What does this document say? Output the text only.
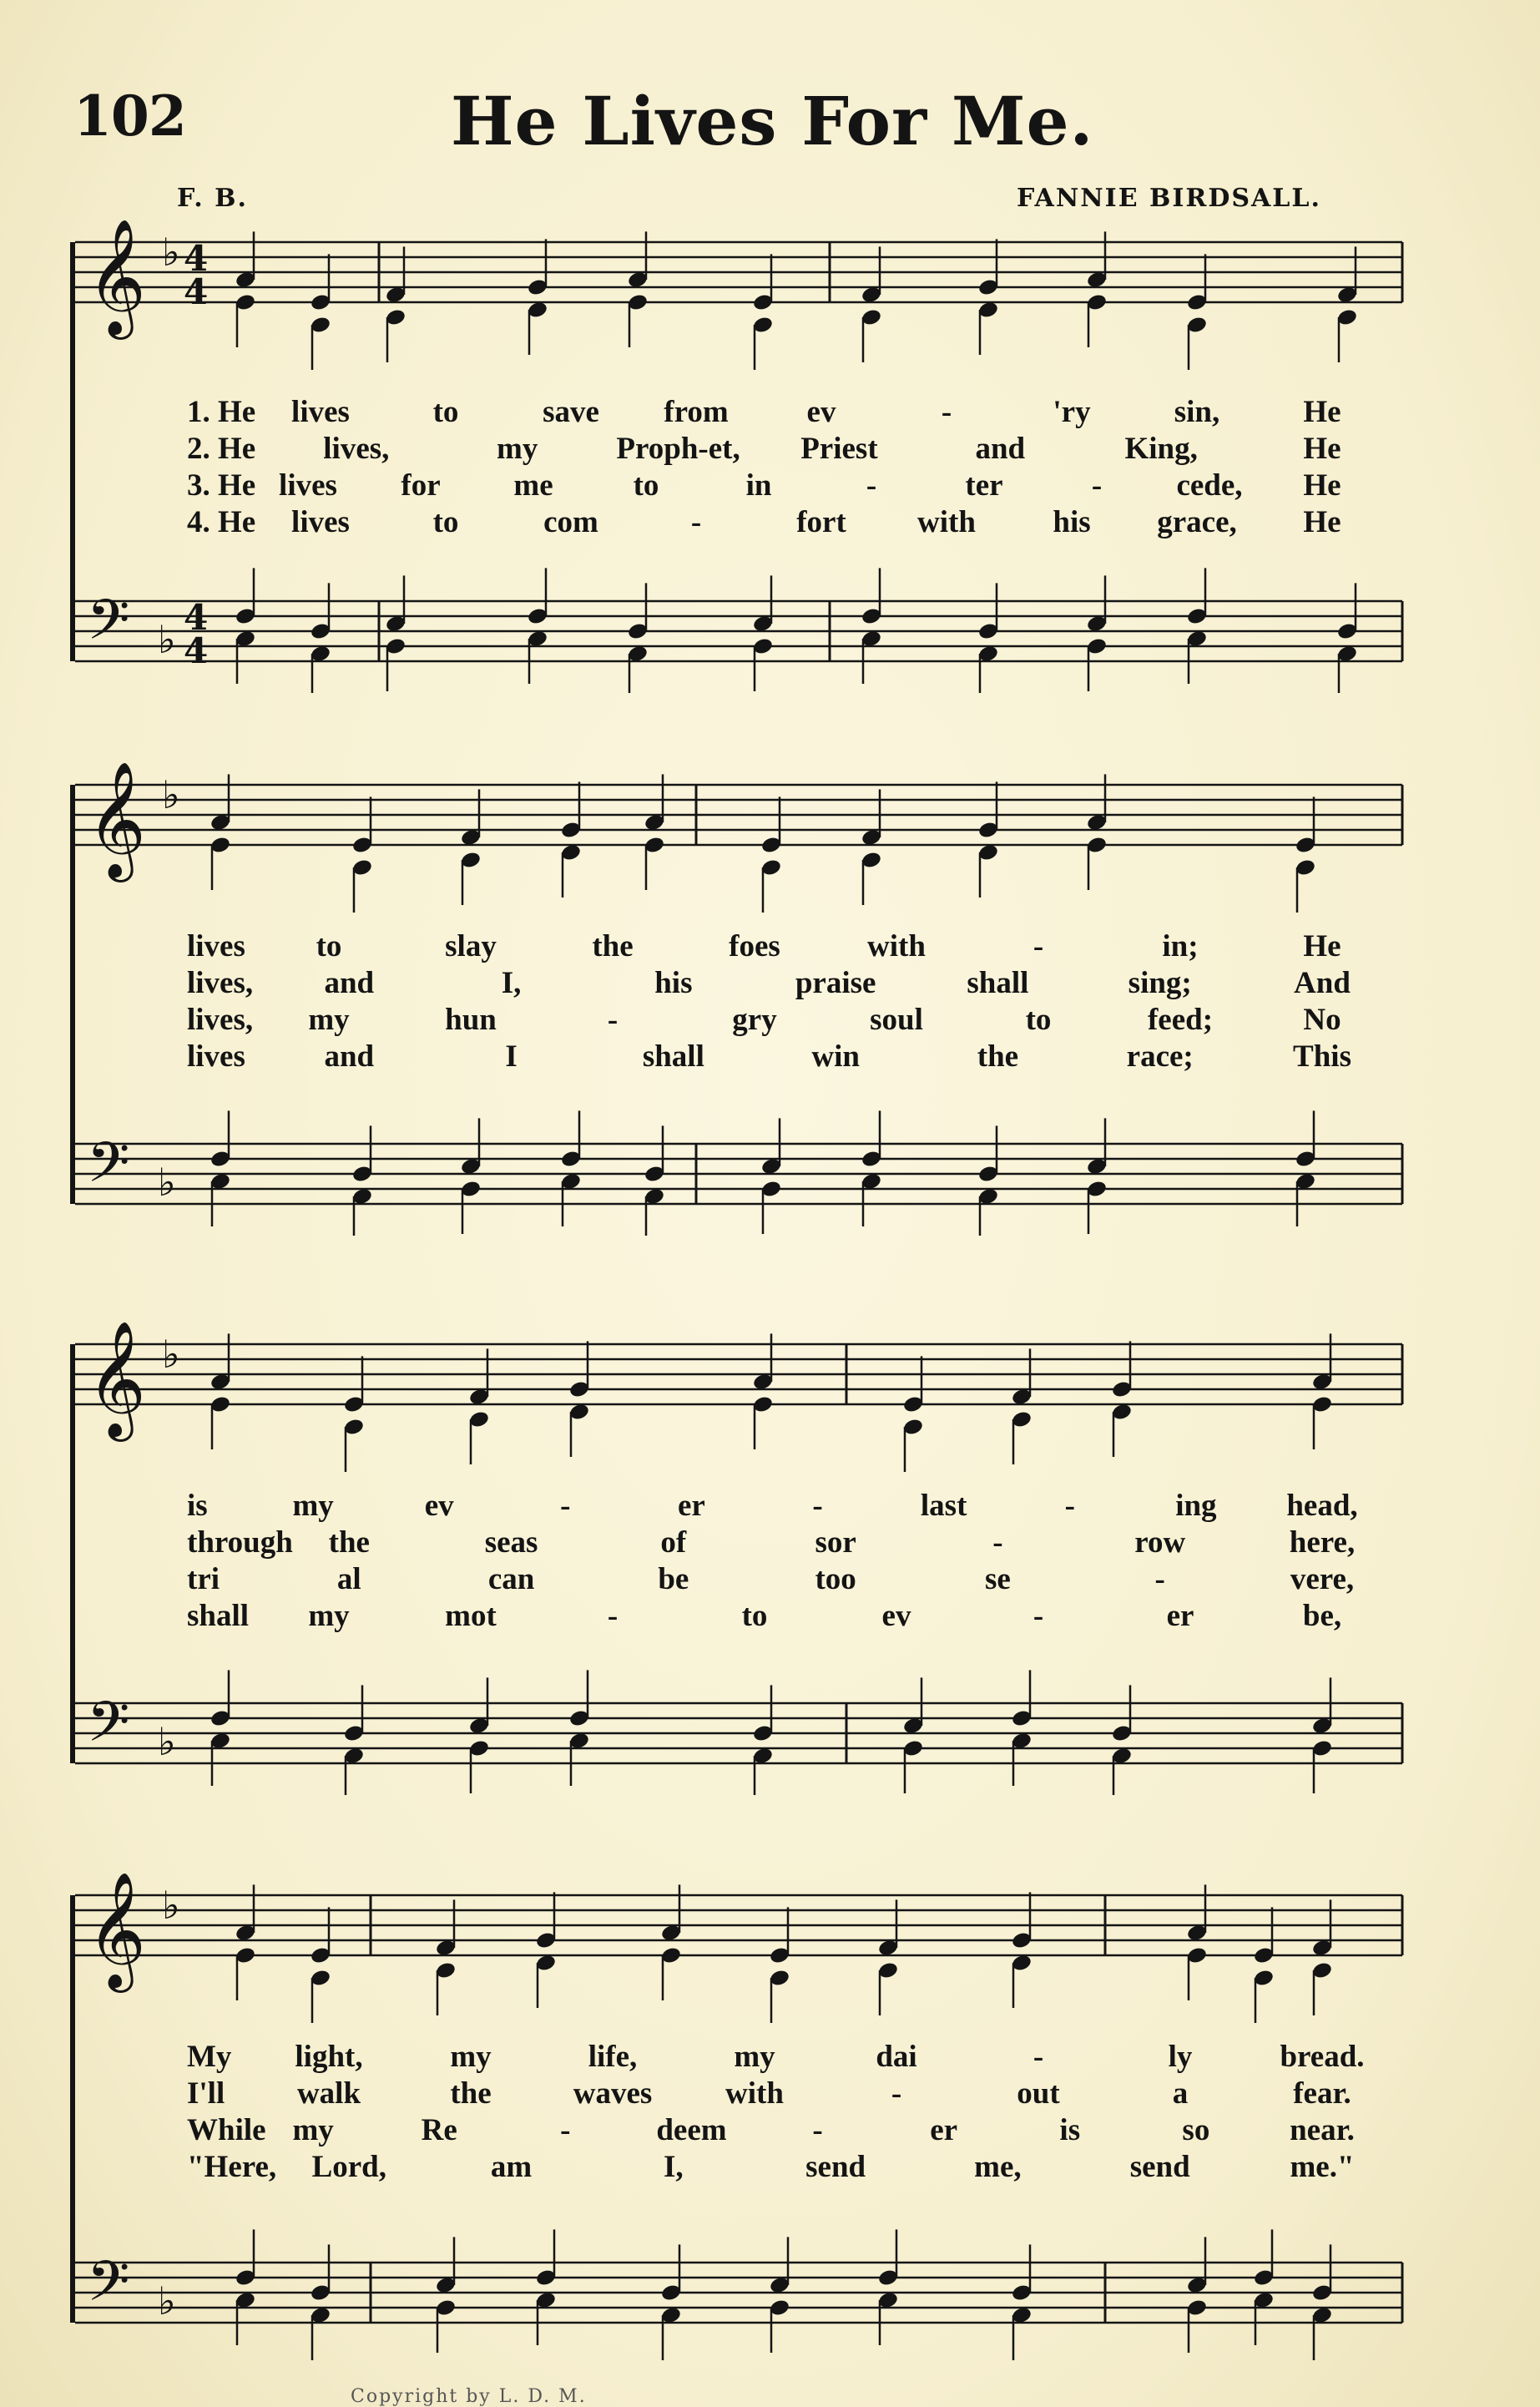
102	He Lives For Me.
F. B.	FANNIE BIRDSALL.
𝄞 ♭ 4
4
𝄢 ♭ 4
4
1. He lives	to	save from	ev	-	'ry	sin,	He
2. He lives,	my	Proph-et, Priest	and	King,	He
3. He lives for me	to	in	-	ter	- cede, He
4. He lives	to	com	-	fort with his grace, He
𝄞 ♭
𝄢 ♭
lives to	slay	the	foes	with	-	in;	He
lives, and	I,	his	praise	shall	sing;	And
lives, my	hun	-	gry	soul	to	feed;	No
lives	and	I	shall	win	the	race;	This
𝄞 ♭
𝄢 ♭
is	my	ev	-	er	-	last	-	ing head,
through the	seas	of	sor	-	row	here,
tri	al	can	be	too	se	-	vere,
shall my	mot	-	to	ev	-	er	be,
𝄞 ♭
𝄢 ♭
My light,	my	life,	my	dai	-	ly	bread.
I'll walk	the	waves with	-	out	a	fear.
While my	Re	-	deem	-	er	is	so	near.
"Here, Lord,	am	I,	send	me,	send	me."
Copyright by L. D. M.
